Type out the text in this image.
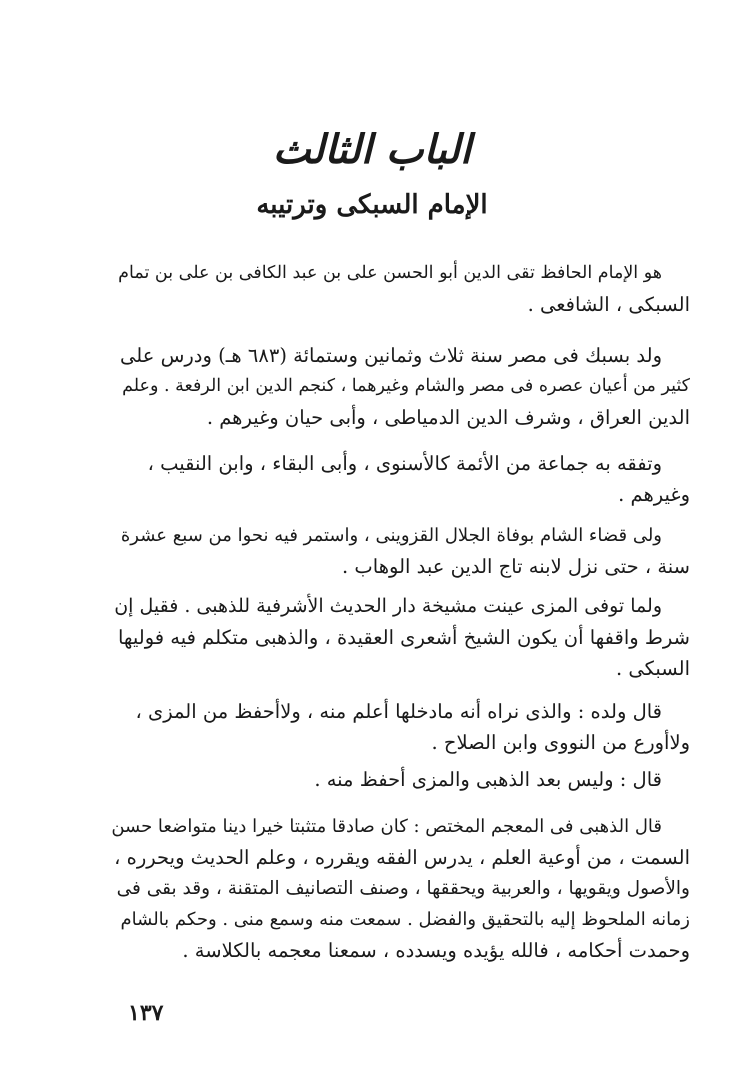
الباب الثالث
الإمام السبكى وترتيبه

هو الإمام الحافظ تقى الدين أبو الحسن على بن عبد الكافى بن على بن تمام
السبكى ، الشافعى .

ولد بسبك فى مصر سنة ثلاث وثمانين وستمائة (٦٨٣ هـ) ودرس على
كثير من أعيان عصره فى مصر والشام وغيرهما ، كنجم الدين ابن الرفعة . وعلم
الدين العراق ، وشرف الدين الدمياطى ، وأبى حيان وغيرهم .

وتفقه به جماعة من الأئمة كالأسنوى ، وأبى البقاء ، وابن النقيب ،
وغيرهم .

ولى قضاء الشام بوفاة الجلال القزوينى ، واستمر فيه نحوا من سبع عشرة
سنة ، حتى نزل لابنه تاج الدين عبد الوهاب .

ولما توفى المزى عينت مشيخة دار الحديث الأشرفية للذهبى . فقيل إن
شرط واقفها أن يكون الشيخ أشعرى العقيدة ، والذهبى متكلم فيه فوليها
السبكى .

قال ولده : والذى نراه أنه مادخلها أعلم منه ، ولاأحفظ من المزى ،
ولاأورع من النووى وابن الصلاح .

قال : وليس بعد الذهبى والمزى أحفظ منه .

قال الذهبى فى المعجم المختص : كان صادقا متثبتا خيرا دينا متواضعا حسن
السمت ، من أوعية العلم ، يدرس الفقه ويقرره ، وعلم الحديث ويحرره ،
والأصول ويقويها ، والعربية ويحققها ، وصنف التصانيف المتقنة ، وقد بقى فى
زمانه الملحوظ إليه بالتحقيق والفضل . سمعت منه وسمع منى . وحكم بالشام
وحمدت أحكامه ، فالله يؤيده ويسدده ، سمعنا معجمه بالكلاسة .

١٣٧
